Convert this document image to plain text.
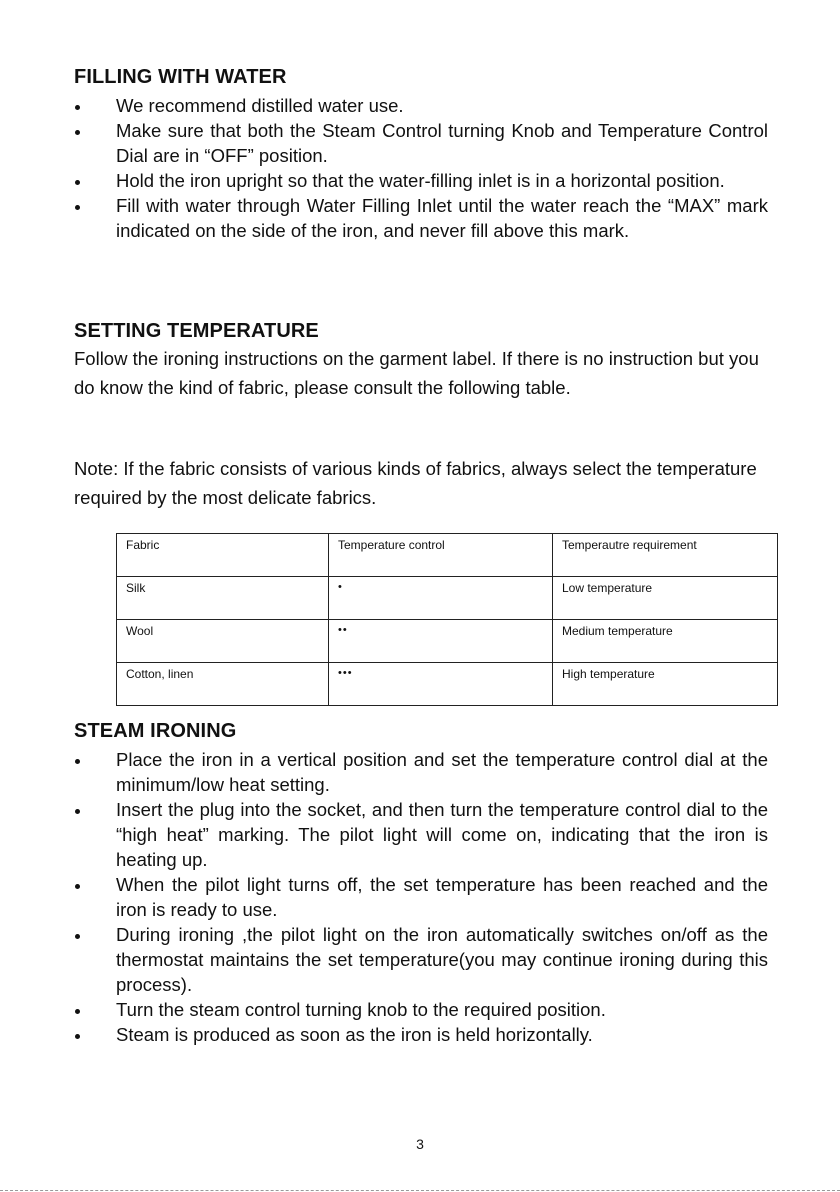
FILLING WITH WATER
We recommend distilled water use.
Make sure that both the Steam Control turning Knob and Temperature Control Dial are in “OFF” position.
Hold the iron upright so that the water-filling inlet is in a horizontal position.
Fill with water through Water Filling Inlet until the water reach the “MAX” mark indicated on the side of the iron, and never fill above this mark.
SETTING TEMPERATURE

Follow the ironing instructions on the garment label. If there is no instruction but you do know the kind of fabric, please consult the following table.

Note: If the fabric consists of various kinds of fabrics, always select the temperature required by the most delicate fabrics.

Fabric	Temperature control	Temperautre requirement
Silk	•	Low temperature
Wool	••	Medium temperature
Cotton, linen	•••	High temperature
STEAM IRONING
Place the iron in a vertical position and set the temperature control dial at the minimum/low heat setting.
Insert the plug into the socket, and then turn the temperature control dial to the “high heat” marking. The pilot light will come on, indicating that the iron is heating up.
When the pilot light turns off, the set temperature has been reached and the iron is ready to use.
During ironing ,the pilot light on the iron automatically switches on/off as the thermostat maintains the set temperature(you may continue ironing during this process).
Turn the steam control turning knob to the required position.
Steam is produced as soon as the iron is held horizontally.
3
